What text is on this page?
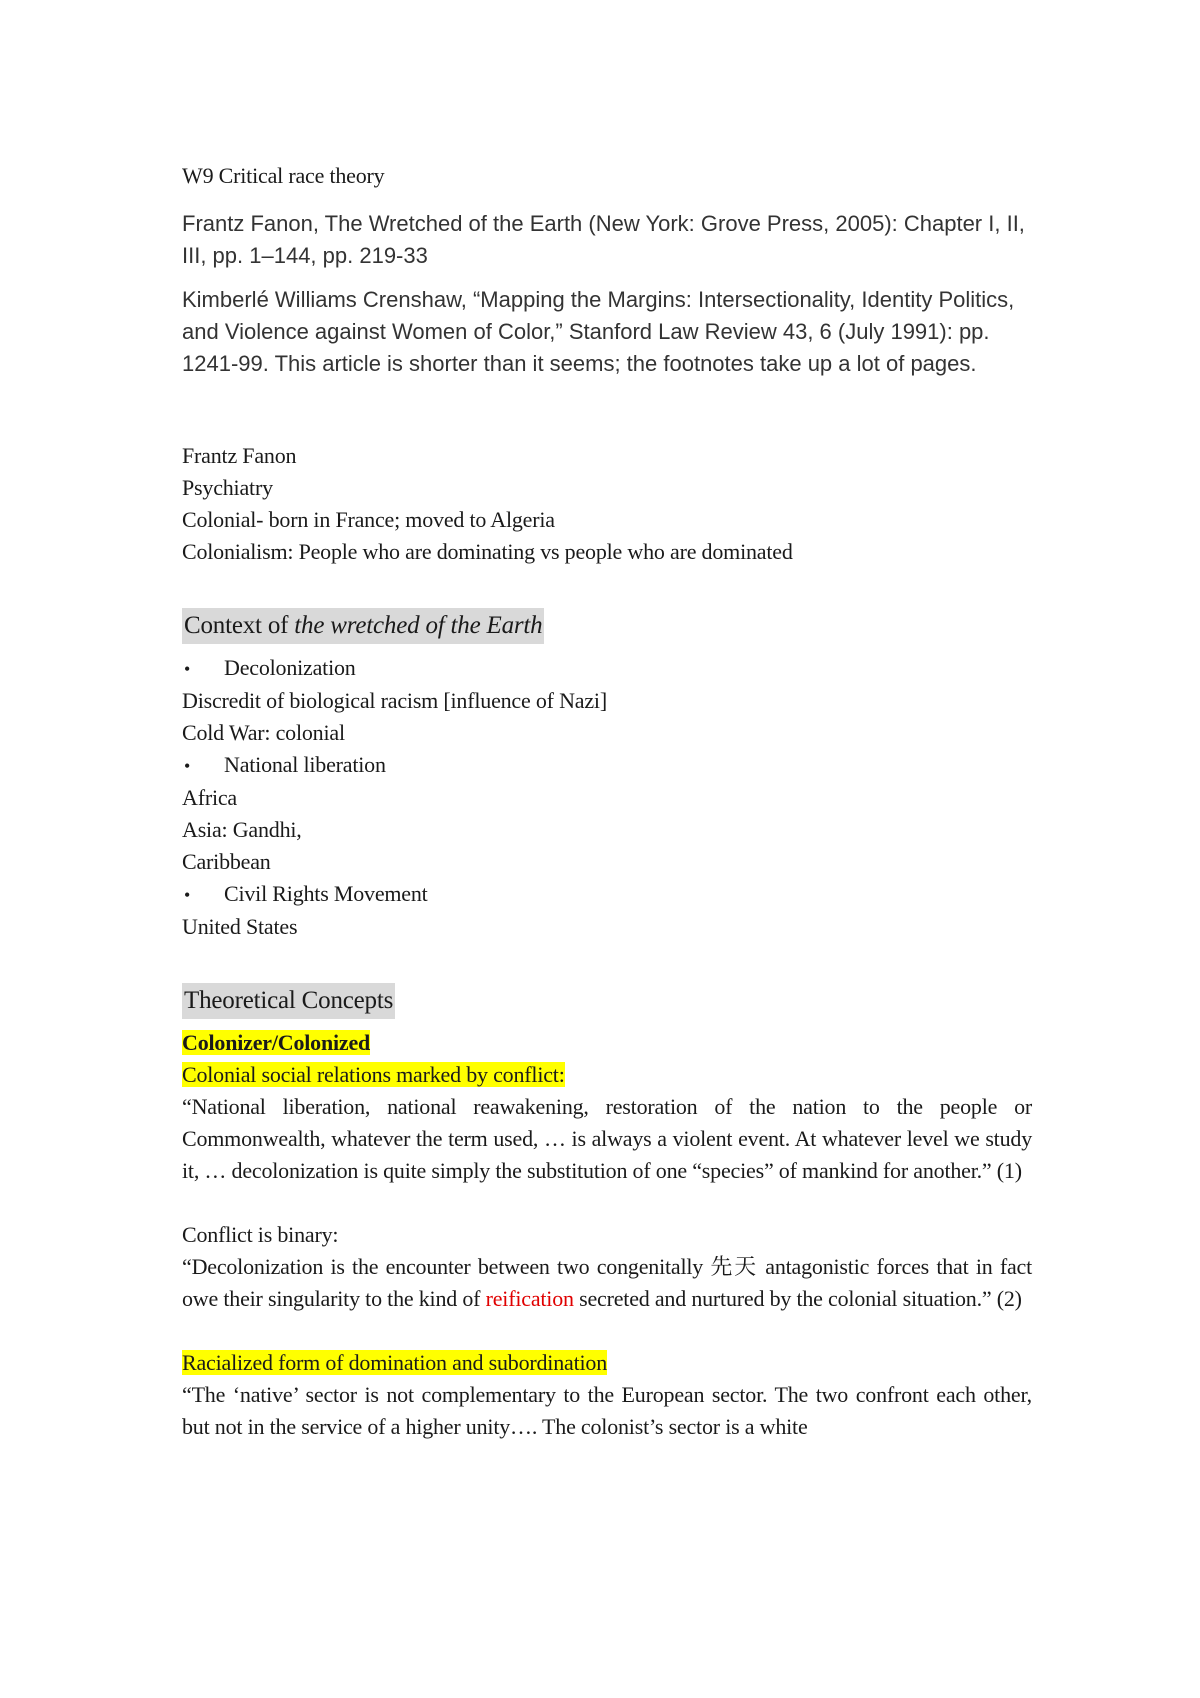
W9 Critical race theory

Frantz Fanon, The Wretched of the Earth (New York: Grove Press, 2005): Chapter I, II, III, pp. 1–144, pp. 219-33

Kimberlé Williams Crenshaw, “Mapping the Margins: Intersectionality, Identity Politics, and Violence against Women of Color,” Stanford Law Review 43, 6 (July 1991): pp. 1241-99. This article is shorter than it seems; the footnotes take up a lot of pages.

Frantz Fanon

Psychiatry

Colonial- born in France; moved to Algeria

Colonialism: People who are dominating vs people who are dominated

Context of the wretched of the Earth
•	Decolonization

Discredit of biological racism [influence of Nazi]

Cold War: colonial

•	National liberation

Africa

Asia: Gandhi,

Caribbean

•	Civil Rights Movement

United States

Theoretical Concepts

Colonizer/Colonized

Colonial social relations marked by conflict:

“National liberation, national reawakening, restoration of the nation to the people or Commonwealth, whatever the term used, … is always a violent event. At whatever level we study it, … decolonization is quite simply the substitution of one “species” of mankind for another.” (1)

Conflict is binary:

“Decolonization is the encounter between two congenitally 先天 antagonistic forces that in fact owe their singularity to the kind of reification secreted and nurtured by the colonial situation.” (2)

Racialized form of domination and subordination

“The ‘native’ sector is not complementary to the European sector. The two confront each other, but not in the service of a higher unity…. The colonist’s sector is a white
